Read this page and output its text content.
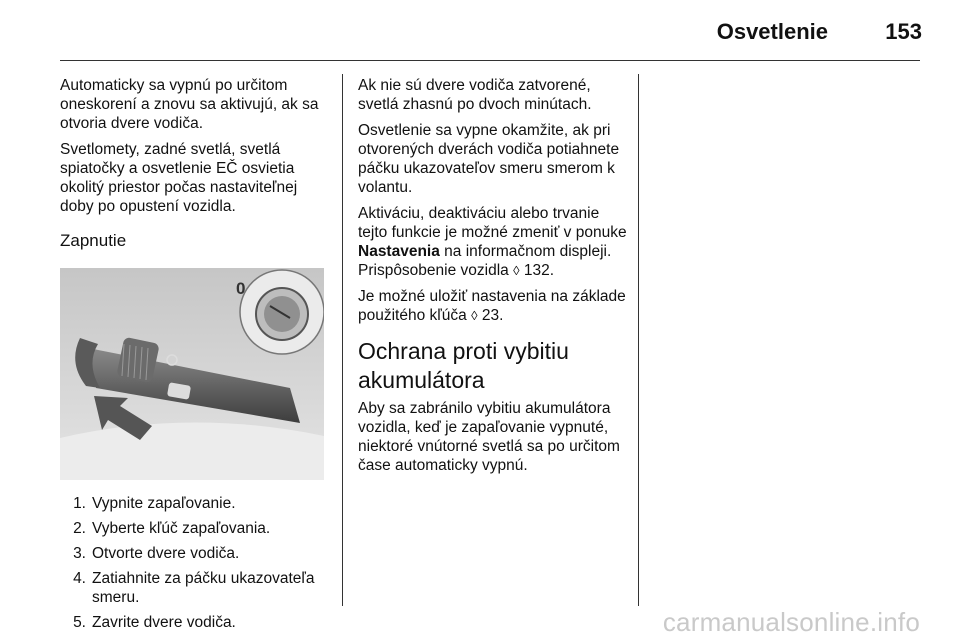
Osvetlenie	153

Automaticky sa vypnú po určitom oneskorení a znovu sa aktivujú, ak sa otvoria dvere vodiča.

Svetlomety, zadné svetlá, svetlá spiatočky a osvetlenie EČ osvietia okolitý priestor počas nastaviteľnej doby po opustení vozidla.

Zapnutie
0
1. Vypnite zapaľovanie.
2. Vyberte kľúč zapaľovania.
3. Otvorte dvere vodiča.
4. Zatiahnite za páčku ukazovateľa smeru.
5. Zavrite dvere vodiča.

Ak nie sú dvere vodiča zatvorené, svetlá zhasnú po dvoch minútach.

Osvetlenie sa vypne okamžite, ak pri otvorených dverách vodiča potiahnete páčku ukazovateľov smeru smerom k volantu.

Aktiváciu, deaktiváciu alebo trvanie tejto funkcie je možné zmeniť v ponuke Nastavenia na informačnom displeji. Prispôsobenie vozidla ◊ 132.

Je možné uložiť nastavenia na základe použitého kľúča ◊ 23.

Ochrana proti vybitiu akumulátora

Aby sa zabránilo vybitiu akumulátora vozidla, keď je zapaľovanie vypnuté, niektoré vnútorné svetlá sa po určitom čase automaticky vypnú.

carmanualsonline.info
